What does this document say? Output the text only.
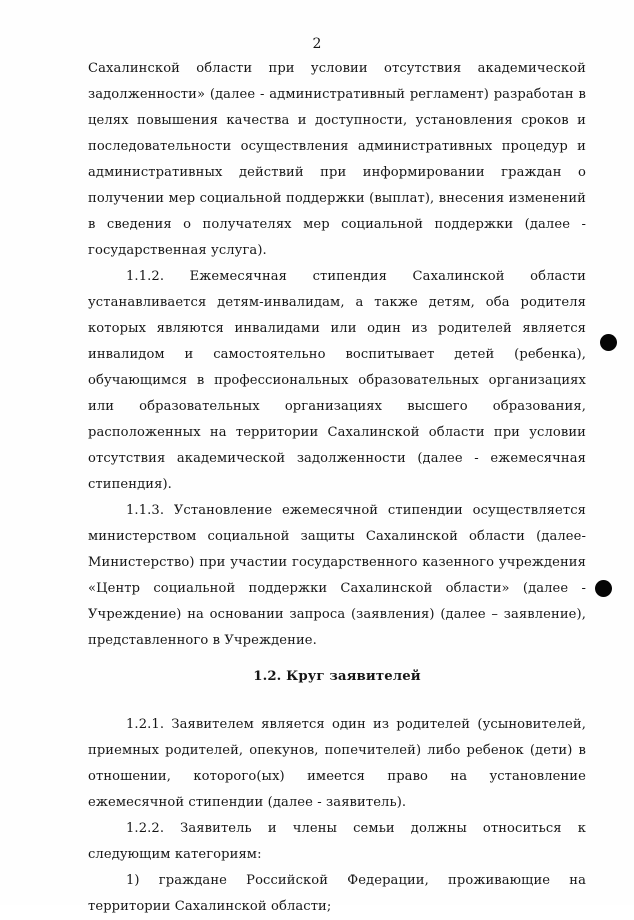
2

Сахалинской области при условии отсутствия академической задолженности» (далее - административный регламент) разработан в целях повышения качества и доступности, установления сроков и последовательности осуществления административных процедур и административных действий при информировании граждан о получении мер социальной поддержки (выплат), внесения изменений в сведения о получателях мер социальной поддержки (далее - государственная услуга).

1.1.2. Ежемесячная стипендия Сахалинской области устанавливается детям-инвалидам, а также детям, оба родителя которых являются инвалидами или один из родителей является инвалидом и самостоятельно воспитывает детей (ребенка), обучающимся в профессиональных образовательных организациях или образовательных организациях высшего образования, расположенных на территории Сахалинской области при условии отсутствия академической задолженности (далее - ежемесячная стипендия).

1.1.3. Установление ежемесячной стипендии осуществляется министерством социальной защиты Сахалинской области (далее- Министерство) при участии государственного казенного учреждения «Центр социальной поддержки Сахалинской области» (далее - Учреждение) на основании запроса (заявления) (далее – заявление), представленного в Учреждение.

1.2. Круг заявителей

1.2.1. Заявителем является один из родителей (усыновителей, приемных родителей, опекунов, попечителей) либо ребенок (дети) в отношении, которого(ых) имеется право на установление ежемесячной стипендии (далее - заявитель).

1.2.2. Заявитель и члены семьи должны относиться к следующим категориям:

1) граждане Российской Федерации, проживающие на территории Сахалинской области;
